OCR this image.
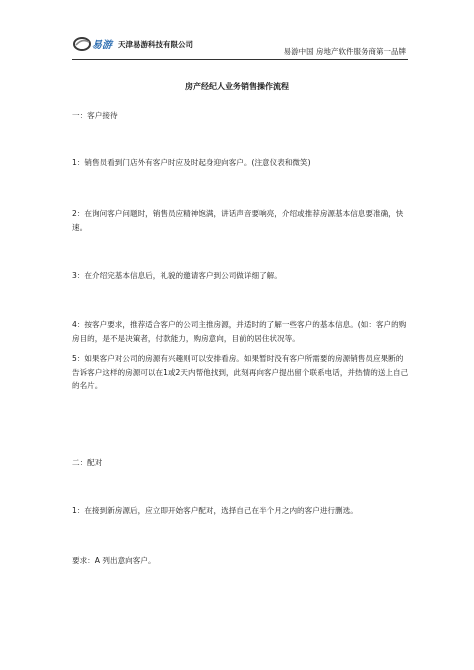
易游 天津易游科技有限公司
易游中国 房地产软件服务商第一品牌
房产经纪人业务销售操作流程
一：客户接待
1：销售员看到门店外有客户时应及时起身迎向客户。(注意仪表和微笑)
2：在询问客户问题时，销售员应精神饱满，讲话声音要响亮，介绍或推荐房源基本信息要准确，快速。
3：在介绍完基本信息后，礼貌的邀请客户到公司做详细了解。
4：按客户要求，推荐适合客户的公司主推房源，并适时的了解一些客户的基本信息。(如：客户的购房目的，是不是决策者，付款能力，购房意向，目前的居住状况等。
5：如果客户对公司的房源有兴趣则可以安排看房。如果暂时没有客户所需要的房源销售员应果断的告诉客户这样的房源可以在1或2天内帮他找到，此刻再向客户提出留个联系电话，并热情的送上自己的名片。
二：配对
1：在接到新房源后，应立即开始客户配对，选择自己在半个月之内的客户进行删选。
要求：A 列出意向客户。
